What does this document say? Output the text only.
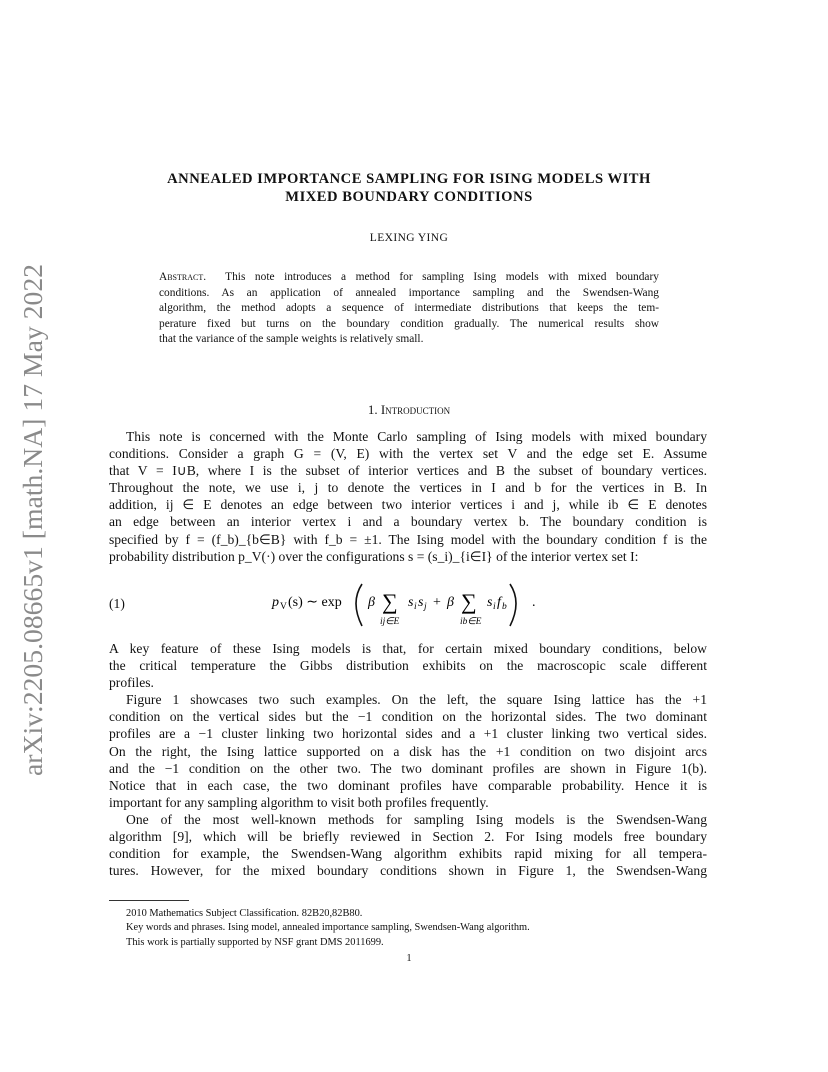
arXiv:2205.08665v1 [math.NA] 17 May 2022
ANNEALED IMPORTANCE SAMPLING FOR ISING MODELS WITH
MIXED BOUNDARY CONDITIONS
LEXING YING
Abstract. This note introduces a method for sampling Ising models with mixed boundary
conditions. As an application of annealed importance sampling and the Swendsen-Wang
algorithm, the method adopts a sequence of intermediate distributions that keeps the tem-
perature fixed but turns on the boundary condition gradually. The numerical results show
that the variance of the sample weights is relatively small.
1. Introduction
This note is concerned with the Monte Carlo sampling of Ising models with mixed boundary
conditions. Consider a graph G = (V, E) with the vertex set V and the edge set E. Assume
that V = I∪B, where I is the subset of interior vertices and B the subset of boundary vertices.
Throughout the note, we use i, j to denote the vertices in I and b for the vertices in B. In
addition, ij ∈ E denotes an edge between two interior vertices i and j, while ib ∈ E denotes
an edge between an interior vertex i and a boundary vertex b. The boundary condition is
specified by f = (f_b)_{b∈B} with f_b = ±1. The Ising model with the boundary condition f is the
probability distribution p_V(·) over the configurations s = (s_i)_{i∈I} of the interior vertex set I:
(1)	p V (s) ∼ exp β ∑
ij∈E
s i s j + β ∑
ib∈E
s i f b .
A key feature of these Ising models is that, for certain mixed boundary conditions, below
the critical temperature the Gibbs distribution exhibits on the macroscopic scale different
profiles.
Figure 1 showcases two such examples. On the left, the square Ising lattice has the +1
condition on the vertical sides but the −1 condition on the horizontal sides. The two dominant
profiles are a −1 cluster linking two horizontal sides and a +1 cluster linking two vertical sides.
On the right, the Ising lattice supported on a disk has the +1 condition on two disjoint arcs
and the −1 condition on the other two. The two dominant profiles are shown in Figure 1(b).
Notice that in each case, the two dominant profiles have comparable probability. Hence it is
important for any sampling algorithm to visit both profiles frequently.
One of the most well-known methods for sampling Ising models is the Swendsen-Wang
algorithm [9], which will be briefly reviewed in Section 2. For Ising models free boundary
condition for example, the Swendsen-Wang algorithm exhibits rapid mixing for all tempera-
tures. However, for the mixed boundary conditions shown in Figure 1, the Swendsen-Wang
2010 Mathematics Subject Classification. 82B20,82B80.
Key words and phrases. Ising model, annealed importance sampling, Swendsen-Wang algorithm.
This work is partially supported by NSF grant DMS 2011699.
1
